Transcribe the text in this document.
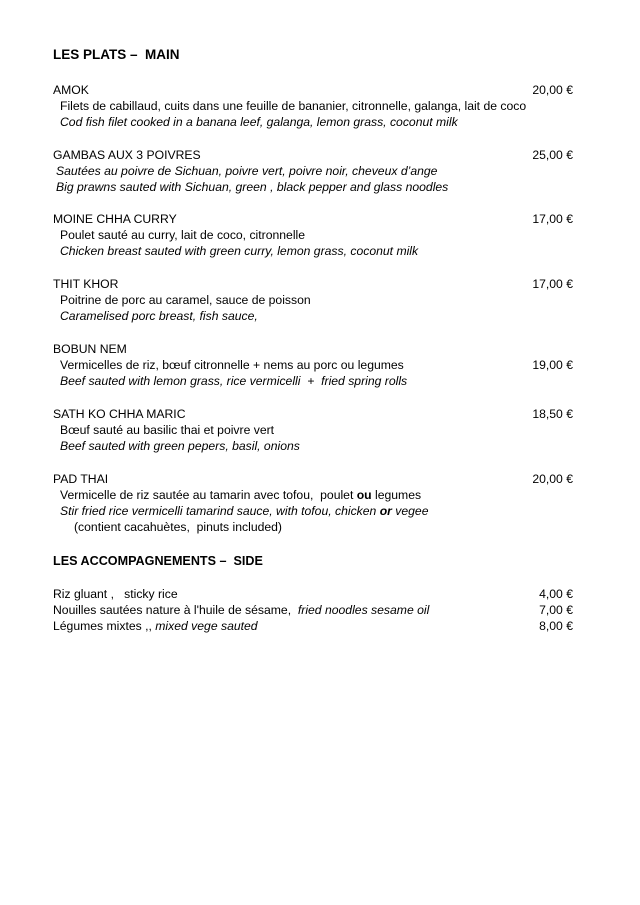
LES PLATS –  MAIN
AMOK	20,00 €
Filets de cabillaud, cuits dans une feuille de bananier, citronnelle, galanga, lait de coco
Cod fish filet cooked in a banana leef, galanga, lemon grass, coconut milk
GAMBAS AUX 3 POIVRES	25,00 €
Sautées au poivre de Sichuan, poivre vert, poivre noir, cheveux d’ange
Big prawns sauted with Sichuan, green , black pepper and glass noodles
MOINE CHHA CURRY	17,00 €
Poulet sauté au curry, lait de coco, citronnelle
Chicken breast sauted with green curry, lemon grass, coconut milk
THIT KHOR	17,00 €
Poitrine de porc au caramel, sauce de poisson
Caramelised porc breast, fish sauce,
BOBUN NEM
Vermicelles de riz, bœuf citronnelle + nems au porc ou legumes	19,00 €
Beef sauted with lemon grass, rice vermicelli  +  fried spring rolls
SATH KO CHHA MARIC	18,50 €
Bœuf sauté au basilic thai et poivre vert
Beef sauted with green pepers, basil, onions
PAD THAI	20,00 €
Vermicelle de riz sautée au tamarin avec tofou,  poulet ou legumes
Stir fried rice vermicelli tamarind sauce, with tofou, chicken or vegee
(contient cacahuètes,  pinuts included)
LES ACCOMPAGNEMENTS –  SIDE
Riz gluant ,   sticky rice	4,00 €
Nouilles sautées nature à l'huile de sésame,  fried noodles sesame oil	7,00 €
Légumes mixtes ,, mixed vege sauted	8,00 €
